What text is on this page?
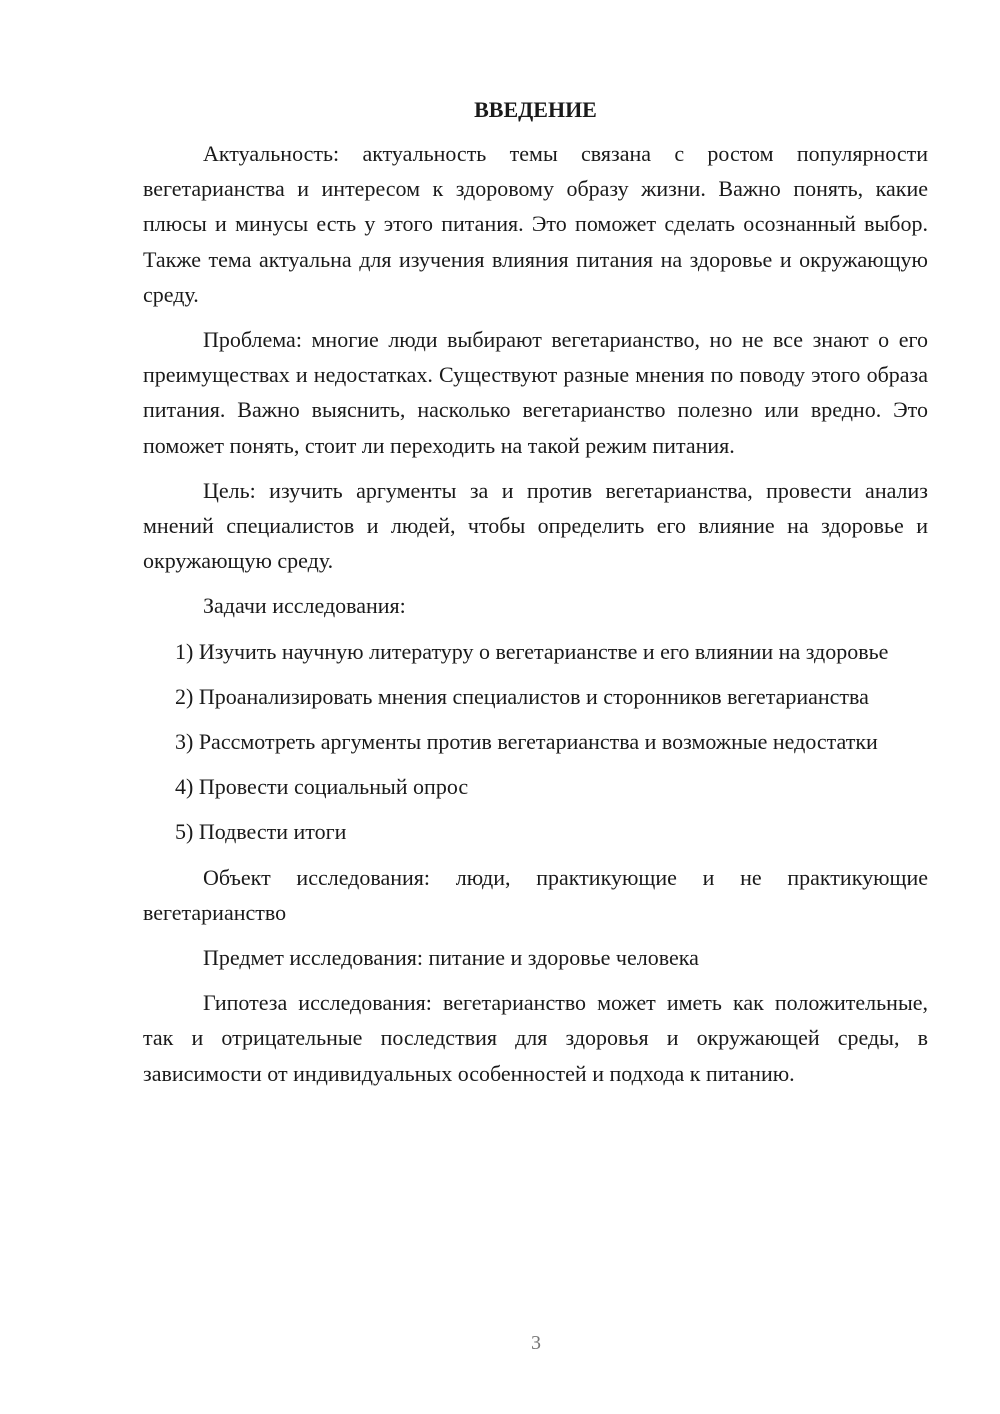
ВВЕДЕНИЕ

Актуальность: актуальность темы связана с ростом популярности вегетарианства и интересом к здоровому образу жизни. Важно понять, какие плюсы и минусы есть у этого питания. Это поможет сделать осознанный выбор. Также тема актуальна для изучения влияния питания на здоровье и окружающую среду.

Проблема: многие люди выбирают вегетарианство, но не все знают о его преимуществах и недостатках. Существуют разные мнения по поводу этого образа питания. Важно выяснить, насколько вегетарианство полезно или вредно. Это поможет понять, стоит ли переходить на такой режим питания.

Цель: изучить аргументы за и против вегетарианства, провести анализ мнений специалистов и людей, чтобы определить его влияние на здоровье и окружающую среду.

Задачи исследования:

1) Изучить научную литературу о вегетарианстве и его влиянии на здоровье

2) Проанализировать мнения специалистов и сторонников вегетарианства

3) Рассмотреть аргументы против вегетарианства и возможные недостатки

4) Провести социальный опрос

5) Подвести итоги

Объект исследования: люди, практикующие и не практикующие вегетарианство

Предмет исследования: питание и здоровье человека

Гипотеза исследования: вегетарианство может иметь как положительные, так и отрицательные последствия для здоровья и окружающей среды, в зависимости от индивидуальных особенностей и подхода к питанию.

3
